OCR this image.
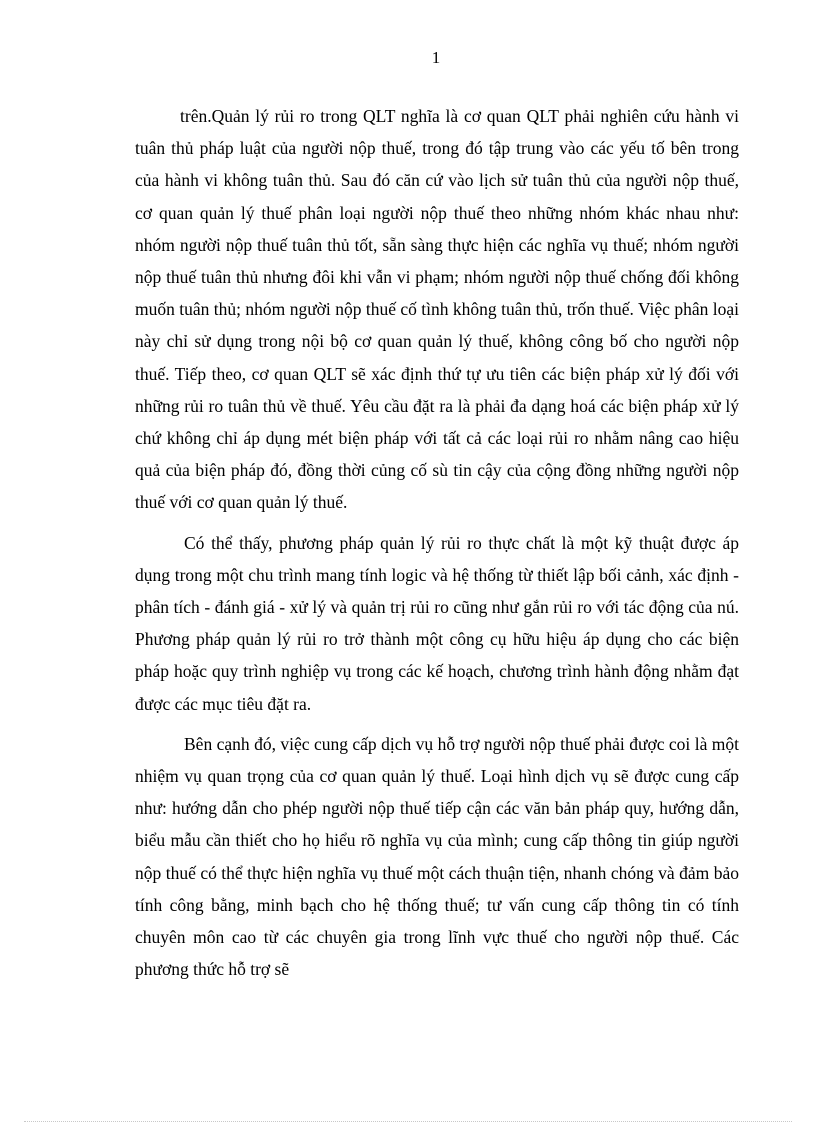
1

trên.Quản lý rủi ro trong QLT nghĩa là cơ quan QLT phải nghiên cứu hành vi tuân thủ pháp luật của người nộp thuế, trong đó tập trung vào các yếu tố bên trong của hành vi không tuân thủ. Sau đó căn cứ vào lịch sử tuân thủ của người nộp thuế, cơ quan quản lý thuế phân loại người nộp thuế theo những nhóm khác nhau như: nhóm người nộp thuế tuân thủ tốt, sẵn sàng thực hiện các nghĩa vụ thuế; nhóm người nộp thuế tuân thủ nhưng đôi khi vẫn vi phạm; nhóm người nộp thuế chống đối không muốn tuân thủ; nhóm người nộp thuế cố tình không tuân thủ, trốn thuế. Việc phân loại này chỉ sử dụng trong nội bộ cơ quan quản lý thuế, không công bố cho người nộp thuế. Tiếp theo, cơ quan QLT sẽ xác định thứ tự ưu tiên các biện pháp xử lý đối với những rủi ro tuân thủ về thuế. Yêu cầu đặt ra là phải đa dạng hoá các biện pháp xử lý chứ không chỉ áp dụng mét biện pháp với tất cả các loại rủi ro nhằm nâng cao hiệu quả của biện pháp đó, đồng thời củng cố sù tin cậy của cộng đồng những người nộp thuế với cơ quan quản lý thuế.

Có thể thấy, phương pháp quản lý rủi ro thực chất là một kỹ thuật được áp dụng trong một chu trình mang tính logic và hệ thống từ thiết lập bối cảnh, xác định - phân tích - đánh giá - xử lý và quản trị rủi ro cũng như gắn rủi ro với tác động của nú. Phương pháp quản lý rủi ro trở thành một công cụ hữu hiệu áp dụng cho các biện pháp hoặc quy trình nghiệp vụ trong các kế hoạch, chương trình hành động nhằm đạt được các mục tiêu đặt ra.

Bên cạnh đó, việc cung cấp dịch vụ hỗ trợ người nộp thuế phải được coi là một nhiệm vụ quan trọng của cơ quan quản lý thuế. Loại hình dịch vụ sẽ được cung cấp như: hướng dẫn cho phép người nộp thuế tiếp cận các văn bản pháp quy, hướng dẫn, biểu mẫu cần thiết cho họ hiểu rõ nghĩa vụ của mình; cung cấp thông tin giúp người nộp thuế có thể thực hiện nghĩa vụ thuế một cách thuận tiện, nhanh chóng và đảm bảo tính công bằng, minh bạch cho hệ thống thuế; tư vấn cung cấp thông tin có tính chuyên môn cao từ các chuyên gia trong lĩnh vực thuế cho người nộp thuế. Các phương thức hỗ trợ sẽ
